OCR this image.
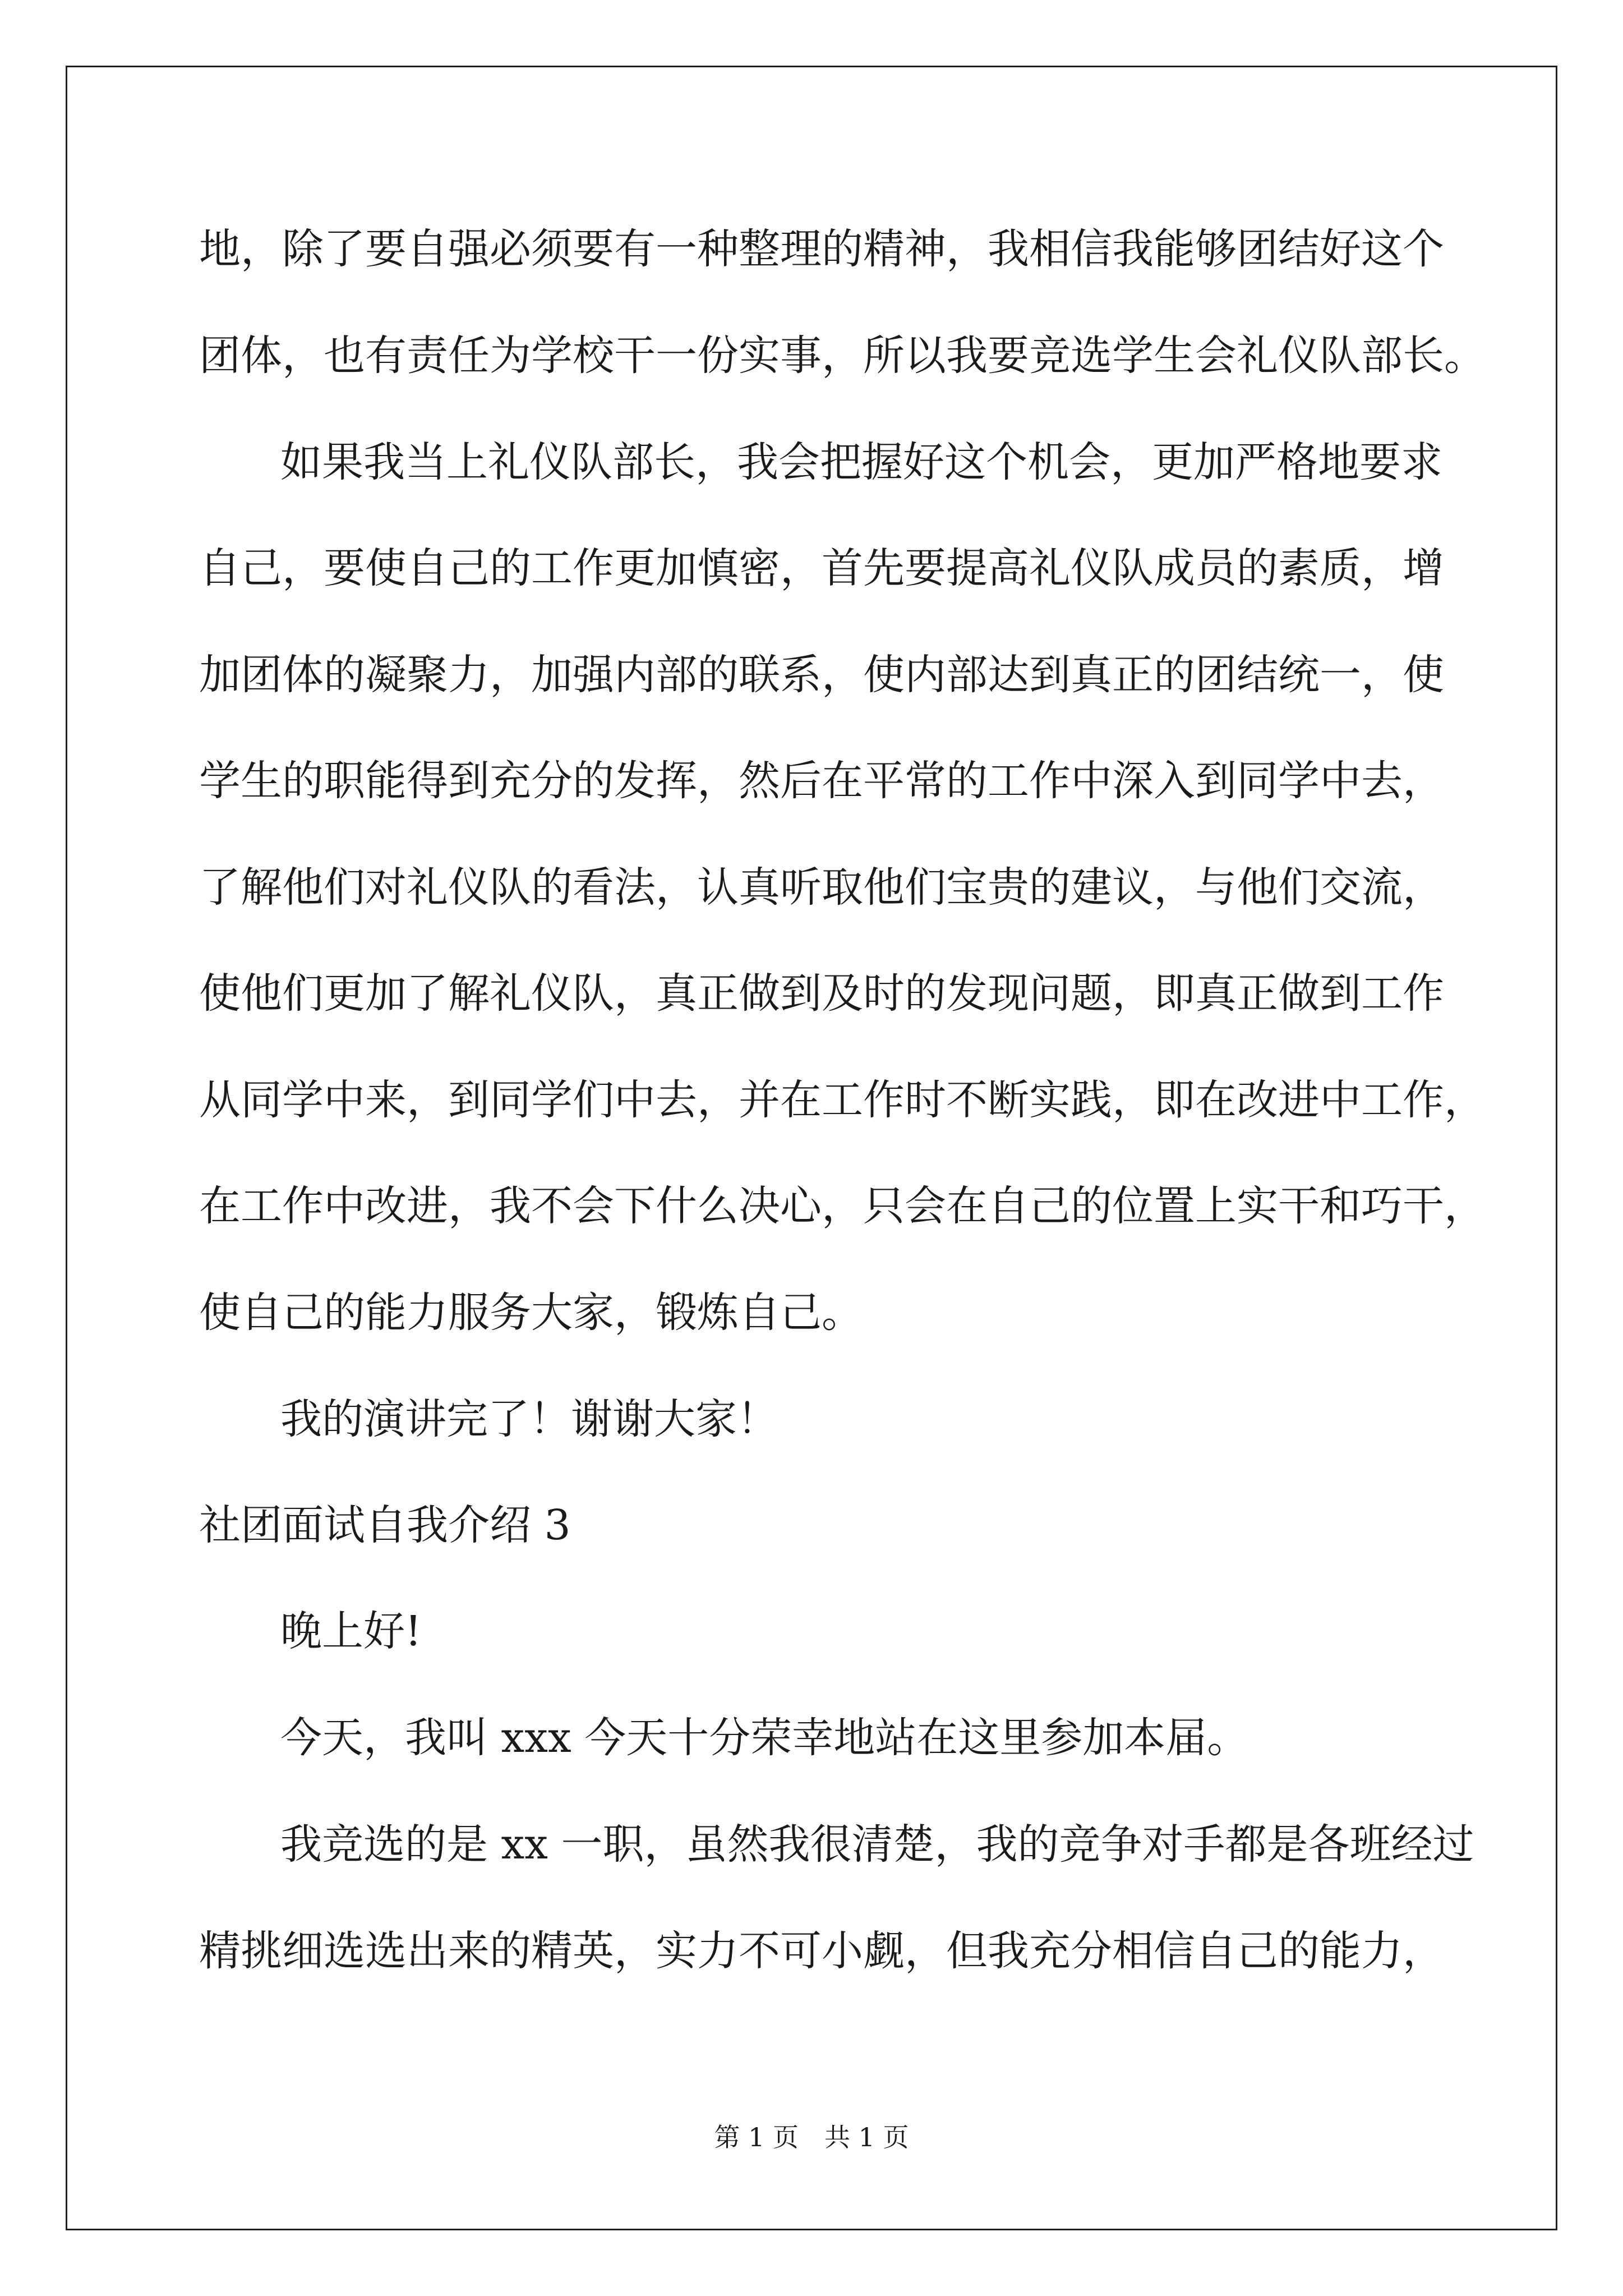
地，除了要自强必须要有一种整理的精神，我相信我能够团结好这个
团体，也有责任为学校干一份实事，所以我要竞选学生会礼仪队部长。
如果我当上礼仪队部长，我会把握好这个机会，更加严格地要求
自己，要使自己的工作更加慎密，首先要提高礼仪队成员的素质，增
加团体的凝聚力，加强内部的联系，使内部达到真正的团结统一，使
学生的职能得到充分的发挥，然后在平常的工作中深入到同学中去，
了解他们对礼仪队的看法，认真听取他们宝贵的建议，与他们交流，
使他们更加了解礼仪队，真正做到及时的发现问题，即真正做到工作
从同学中来，到同学们中去，并在工作时不断实践，即在改进中工作，
在工作中改进，我不会下什么决心，只会在自己的位置上实干和巧干，
使自己的能力服务大家，锻炼自己。
我的演讲完了！谢谢大家！
社团面试自我介绍 3
晚上好!
今天，我叫 xxx 今天十分荣幸地站在这里参加本届。
我竞选的是 xx 一职，虽然我很清楚，我的竞争对手都是各班经过
精挑细选选出来的精英，实力不可小觑，但我充分相信自己的能力，
第 1 页　共 1 页
